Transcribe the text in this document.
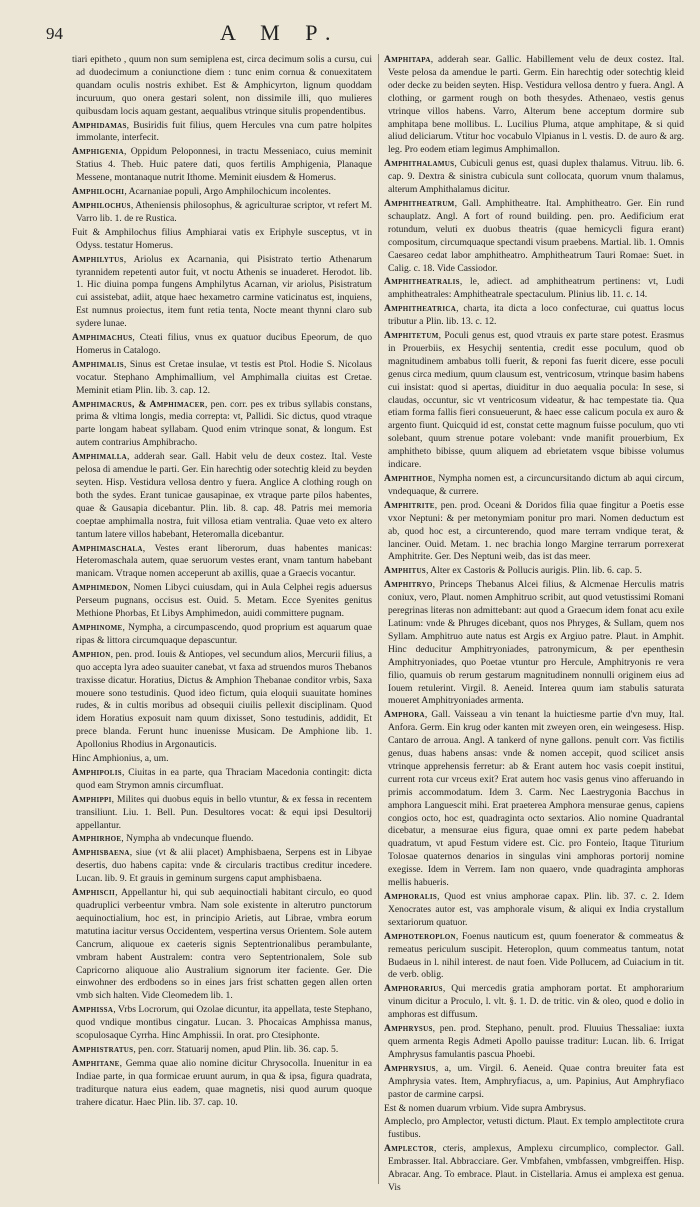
94	A M P.

tiari epitheto , quum non sum semiplena est, circa decimum solis a cursu, cui ad duodecimum a coniunctione diem : tunc enim cornua & conuexitatem quandam oculis nostris exhibet. Est & Amphicyrton, lignum quoddam incuruum, quo onera gestari solent, non dissimile illi, quo mulieres quibusdam locis aquam gestant, aequalibus vtrinque situlis propendentibus.

Amphidamas, Busiridis fuit filius, quem Hercules vna cum patre holpites immolante, interfecit.

Amphigenia, Oppidum Peloponnesi, in tractu Messeniaco, cuius meminit Statius 4. Theb. Huic patere dati, quos fertilis Amphigenia, Planaque Messene, montanaque nutrit Ithome. Meminit eiusdem & Homerus.

Amphilochi, Acarnaniae populi, Argo Amphilochicum incolentes.

Amphilochus, Atheniensis philosophus, & agriculturae scriptor, vt refert M. Varro lib. 1. de re Rustica.

Fuit & Amphilochus filius Amphiarai vatis ex Eriphyle susceptus, vt in Odyss. testatur Homerus.

Amphilytus, Ariolus ex Acarnania, qui Pisistrato tertio Athenarum tyrannidem repetenti autor fuit, vt noctu Athenis se inuaderet. Herodot. lib. 1. Hic diuina pompa fungens Amphilytus Acarnan, vir ariolus, Pisistratum cui assistebat, adiit, atque haec hexametro carmine vaticinatus est, inquiens, Est numnus proiectus, item funt retia tenta, Nocte meant thynni claro sub sydere lunae.

Amphimachus, Cteati filius, vnus ex quatuor ducibus Epeorum, de quo Homerus in Catalogo.

Amphimalis, Sinus est Cretae insulae, vt testis est Ptol. Hodie S. Nicolaus vocatur. Stephano Amphimallium, vel Amphimalla ciuitas est Cretae. Meminit etiam Plin. lib. 3. cap. 12.

Amphimacrus, & Amphimacer, pen. corr. pes ex tribus syllabis constans, prima & vltima longis, media correpta: vt, Pallidi. Sic dictus, quod vtraque parte longam habeat syllabam. Quod enim vtrinque sonat, & longum. Est autem contrarius Amphibracho.

Amphimalla, adderah sear. Gall. Habit velu de deux costez. Ital. Veste pelosa di amendue le parti. Ger. Ein harechtig oder sotechtig kleid zu beyden seyten. Hisp. Vestidura vellosa dentro y fuera. Anglice A clothing rough on both the sydes. Erant tunicae gausapinae, ex vtraque parte pilos habentes, quae & Gausapia dicebantur. Plin. lib. 8. cap. 48. Patris mei memoria coeptae amphimalla nostra, fuit villosa etiam ventralia. Quae veto ex altero tantum latere villos habebant, Heteromalla dicebantur.

Amphimaschala, Vestes erant liberorum, duas habentes manicas: Heteromaschala autem, quae seruorum vestes erant, vnam tantum habebant manicam. Vtraque nomen acceperunt ab axillis, quae a Graecis vocantur.

Amphimedon, Nomen Libyci cuiusdam, qui in Aula Celphei regis aduersus Perseum pugnans, occisus est. Ouid. 5. Metam. Ecce Syenites genitus Methione Phorbas, Et Libys Amphimedon, auidi committere pugnam.

Amphinome, Nympha, a circumpascendo, quod proprium est aquarum quae ripas & littora circumquaque depascuntur.

Amphion, pen. prod. Iouis & Antiopes, vel secundum alios, Mercurii filius, a quo accepta lyra adeo suauiter canebat, vt faxa ad struendos muros Thebanos traxisse dicatur. Horatius, Dictus & Amphion Thebanae conditor vrbis, Saxa mouere sono testudinis. Quod ideo fictum, quia eloquii suauitate homines rudes, & in cultis moribus ad obsequii ciuilis pellexit disciplinam. Quod idem Horatius exposuit nam quum dixisset, Sono testudinis, addidit, Et prece blanda. Ferunt hunc inuenisse Musicam. De Amphione lib. 1. Apollonius Rhodius in Argonauticis.

Hinc Amphionius, a, um.

Amphipolis, Ciuitas in ea parte, qua Thraciam Macedonia contingit: dicta quod eam Strymon amnis circumfluat.

Amphippi, Milites qui duobus equis in bello vtuntur, & ex fessa in recentem transiliunt. Liu. 1. Bell. Pun. Desultores vocat: & equi ipsi Desultorij appellantur.

Amphirhoe, Nympha ab vndecunque fluendo.

Amphisbaena, siue (vt & alii placet) Amphisbaena, Serpens est in Libyae desertis, duo habens capita: vnde & circularis tractibus creditur incedere. Lucan. lib. 9. Et grauis in geminum surgens caput amphisbaena.

Amphiscii, Appellantur hi, qui sub aequinoctiali habitant circulo, eo quod quadruplici verbeentur vmbra. Nam sole existente in alterutro punctorum aequinoctialium, hoc est, in principio Arietis, aut Librae, vmbra eorum matutina iacitur versus Occidentem, vespertina versus Orientem. Sole autem Cancrum, aliquoue ex caeteris signis Septentrionalibus perambulante, vmbram habent Australem: contra vero Septentrionalem, Sole sub Capricorno aliquoue alio Australium signorum iter faciente. Ger. Die einwohner des erdbodens so in eines jars frist schatten gegen allen orten vmb sich halten. Vide Cleomedem lib. 1.

Amphissa, Vrbs Locrorum, qui Ozolae dicuntur, ita appellata, teste Stephano, quod vndique montibus cingatur. Lucan. 3. Phocaicas Amphissa manus, scopulosaque Cyrrha. Hinc Amphissii. In orat. pro Ctesiphonte.

Amphistratus, pen. corr. Statuarij nomen, apud Plin. lib. 36. cap. 5.

Amphitane, Gemma quae alio nomine dicitur Chrysocolla. Inuenitur in ea Indiae parte, in qua formicae eruunt aurum, in qua & ipsa, figura quadrata, traditurque natura eius eadem, quae magnetis, nisi quod aurum quoque trahere dicatur. Haec Plin. lib. 37. cap. 10.

Amphitapa, adderah sear. Gallic. Habillement velu de deux costez. Ital. Veste pelosa da amendue le parti. Germ. Ein harechtig oder sotechtig kleid oder decke zu beiden seyten. Hisp. Vestidura vellosa dentro y fuera. Angl. A clothing, or garment rough on both thesydes. Athenaeo, vestis genus vtrinque villos habens. Varro, Alterum bene acceptum dormire sub amphitapa bene mollibus. L. Lucilius Pluma, atque amphitape, & si quid aliud deliciarum. Vtitur hoc vocabulo Vlpianus in l. vestis. D. de auro & arg. leg. Pro eodem etiam legimus Amphimallon.

Amphithalamus, Cubiculi genus est, quasi duplex thalamus. Vitruu. lib. 6. cap. 9. Dextra & sinistra cubicula sunt collocata, quorum vnum thalamus, alterum Amphithalamus dicitur.

Amphitheatrum, Gall. Amphitheatre. Ital. Amphitheatro. Ger. Ein rund schauplatz. Angl. A fort of round building. pen. pro. Aedificium erat rotundum, veluti ex duobus theatris (quae hemicycli figura erant) compositum, circumquaque spectandi visum praebens. Martial. lib. 1. Omnis Caesareo cedat labor amphitheatro. Amphitheatrum Tauri Romae: Suet. in Calig. c. 18. Vide Cassiodor.

Amphitheatralis, le, adiect. ad amphitheatrum pertinens: vt, Ludi amphitheatrales: Amphitheatrale spectaculum. Plinius lib. 11. c. 14.

Amphitheatrica, charta, ita dicta a loco confecturae, cui quattus locus tributur a Plin. lib. 13. c. 12.

Amphitetum, Poculi genus est, quod vtrauis ex parte stare potest. Erasmus in Prouerbiis, ex Hesychij sententia, credit esse poculum, quod ob magnitudinem ambabus tolli fuerit, & reponi fas fuerit dicere, esse poculi genus circa medium, quum clausum est, ventricosum, vtrinque basim habens cui insistat: quod si apertas, diuiditur in duo aequalia pocula: In sese, si claudas, occuntur, sic vt ventricosum videatur, & hac tempestate tia. Qua etiam forma fallis fieri consueuerunt, & haec esse calicum pocula ex auro & argento fiunt. Quicquid id est, constat cette magnum fuisse poculum, quo vti solebant, quum strenue potare volebant: vnde manifit prouerbium, Ex amphitheto bibisse, quum aliquem ad ebrietatem vsque bibisse volumus indicare.

Amphithoe, Nympha nomen est, a circuncursitando dictum ab aqui circum, vndequaque, & currere.

Amphitrite, pen. prod. Oceani & Doridos filia quae fingitur a Poetis esse vxor Neptuni: & per metonymiam ponitur pro mari. Nomen deductum est ab, quod hoc est, a circunterendo, quod mare terram vndique terat, & lanciner. Ouid. Metam. 1. nec brachia longo Margine terrarum porrexerat Amphitrite. Ger. Des Neptuni weib, das ist das meer.

Amphitus, Alter ex Castoris & Pollucis aurigis. Plin. lib. 6. cap. 5.

Amphitryo, Princeps Thebanus Alcei filius, & Alcmenae Herculis matris coniux, vero, Plaut. nomen Amphitruo scribit, aut quod vetustissimi Romani peregrinas literas non admittebant: aut quod a Graecum idem fonat acu exile Latinum: vnde & Phruges dicebant, quos nos Phryges, & Sullam, quem nos Syllam. Amphitruo aute natus est Argis ex Argiuo patre. Plaut. in Amphit. Hinc deducitur Amphitryoniades, patronymicum, & per epenthesin Amphitryoniades, quo Poetae vtuntur pro Hercule, Amphitryonis re vera filio, quamuis ob rerum gestarum magnitudinem nonnulli originem eius ad Iouem retulerint. Virgil. 8. Aeneid. Interea quum iam stabulis saturata moueret Amphitryoniades armenta.

Amphora, Gall. Vaisseau a vin tenant la huictiesme partie d'vn muy, Ital. Anfora. Germ. Ein krug oder kanten mit zweyen oren, ein weingesess. Hisp. Cantaro de arroua. Angl. A tankerd of nyne gallons. penult corr. Vas fictilis genus, duas habens ansas: vnde & nomen accepit, quod scilicet ansis vtrinque apprehensis ferretur: ab & Erant autem hoc vasis coepit institui, current rota cur vrceus exit? Erat autem hoc vasis genus vino afferuando in primis accommodatum. Idem 3. Carm. Nec Laestrygonia Bacchus in amphora Languescit mihi. Erat praeterea Amphora mensurae genus, capiens congios octo, hoc est, quadraginta octo sextarios. Alio nomine Quadrantal dicebatur, a mensurae eius figura, quae omni ex parte pedem habebat quadratum, vt apud Festum videre est. Cic. pro Fonteio, Itaque Titurium Tolosae quaternos denarios in singulas vini amphoras portorij nomine exegisse. Idem in Verrem. Iam non quaero, vnde quadraginta amphoras mellis habueris.

Amphoralis, Quod est vnius amphorae capax. Plin. lib. 37. c. 2. Idem Xenocrates autor est, vas amphorale visum, & aliqui ex India crystallum sextariorum quatuor.

Amphoteroplon, Foenus nauticum est, quum foenerator & commeatus & remeatus periculum suscipit. Heteroplon, quum commeatus tantum, notat Budaeus in l. nihil interest. de naut foen. Vide Pollucem, ad Cuiacium in tit. de verb. oblig.

Amphorarius, Qui mercedis gratia amphoram portat. Et amphorarium vinum dicitur a Proculo, l. vlt. §. 1. D. de tritic. vin & oleo, quod e dolio in amphoras est diffusum.

Amphrysus, pen. prod. Stephano, penult. prod. Fluuius Thessaliae: iuxta quem armenta Regis Admeti Apollo pauisse traditur: Lucan. lib. 6. Irrigat Amphrysus famulantis pascua Phoebi.

Amphrysius, a, um. Virgil. 6. Aeneid. Quae contra breuiter fata est Amphrysia vates. Item, Amphryfiacus, a, um. Papinius, Aut Amphryfiaco pastor de carmine carpsi.

Est & nomen duarum vrbium. Vide supra Ambrysus.

Ampleclo, pro Amplector, vetusti dictum. Plaut. Ex templo amplectitote crura fustibus.

Amplector, cteris, amplexus, Amplexu circumplico, complector. Gall. Embrasser. Ital. Abbracciare. Ger. Vmbfahen, vmbfassen, vmbgreiffen. Hisp. Abracar. Ang. To embrace. Plaut. in Cistellaria. Amus ei amplexa est genua. Vis
